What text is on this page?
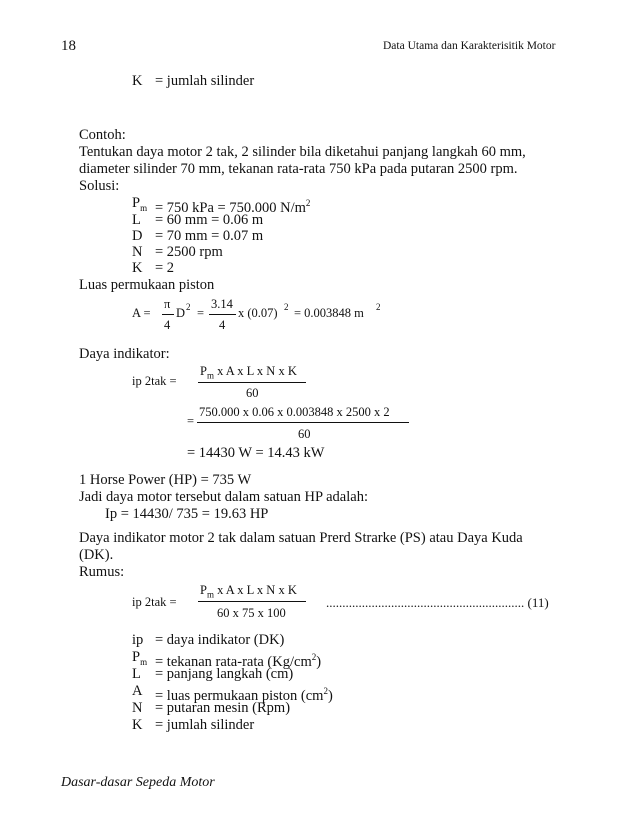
18	Data Utama dan Karakterisitik Motor
K = jumlah silinder
Contoh:
Tentukan daya motor 2 tak, 2 silinder bila diketahui panjang langkah 60 mm,
diameter silinder 70 mm, tekanan rata-rata 750 kPa pada putaran 2500 rpm.
Solusi:
$P_m = 750$ kPa = 750.000 $N/m^2$
L = 60 mm = 0.06 m
D = 70 mm = 0.07 m
N = 2500 rpm
K = 2
Luas permukaan piston
A =
π
4
D 2 =
3.14
4
x (0.07) 2 = 0.003848 m 2
Daya indikator:
ip 2tak =
$P_m$ x A x L x N x K
60
=
750.000 x 0.06 x 0.003848 x 2500 x 2
60
= 14430 W = 14.43 kW
1 Horse Power (HP) = 735 W
Jadi daya motor tersebut dalam satuan HP adalah:
Ip = 14430/ 735 = 19.63 HP
Daya indikator motor 2 tak dalam satuan Prerd Strarke (PS) atau Daya Kuda
(DK).
Rumus:
ip 2tak =
$P_m$ x A x L x N x K
60 x 75 x 100
............................................................. (11)
ip = daya indikator (DK)
$P_m$ = tekanan rata-rata $(Kg/cm^2)$
L = panjang langkah (cm)
A = luas permukaan piston $(cm^2)$
N = putaran mesin (Rpm)
K = jumlah silinder
Dasar-dasar Sepeda Motor
